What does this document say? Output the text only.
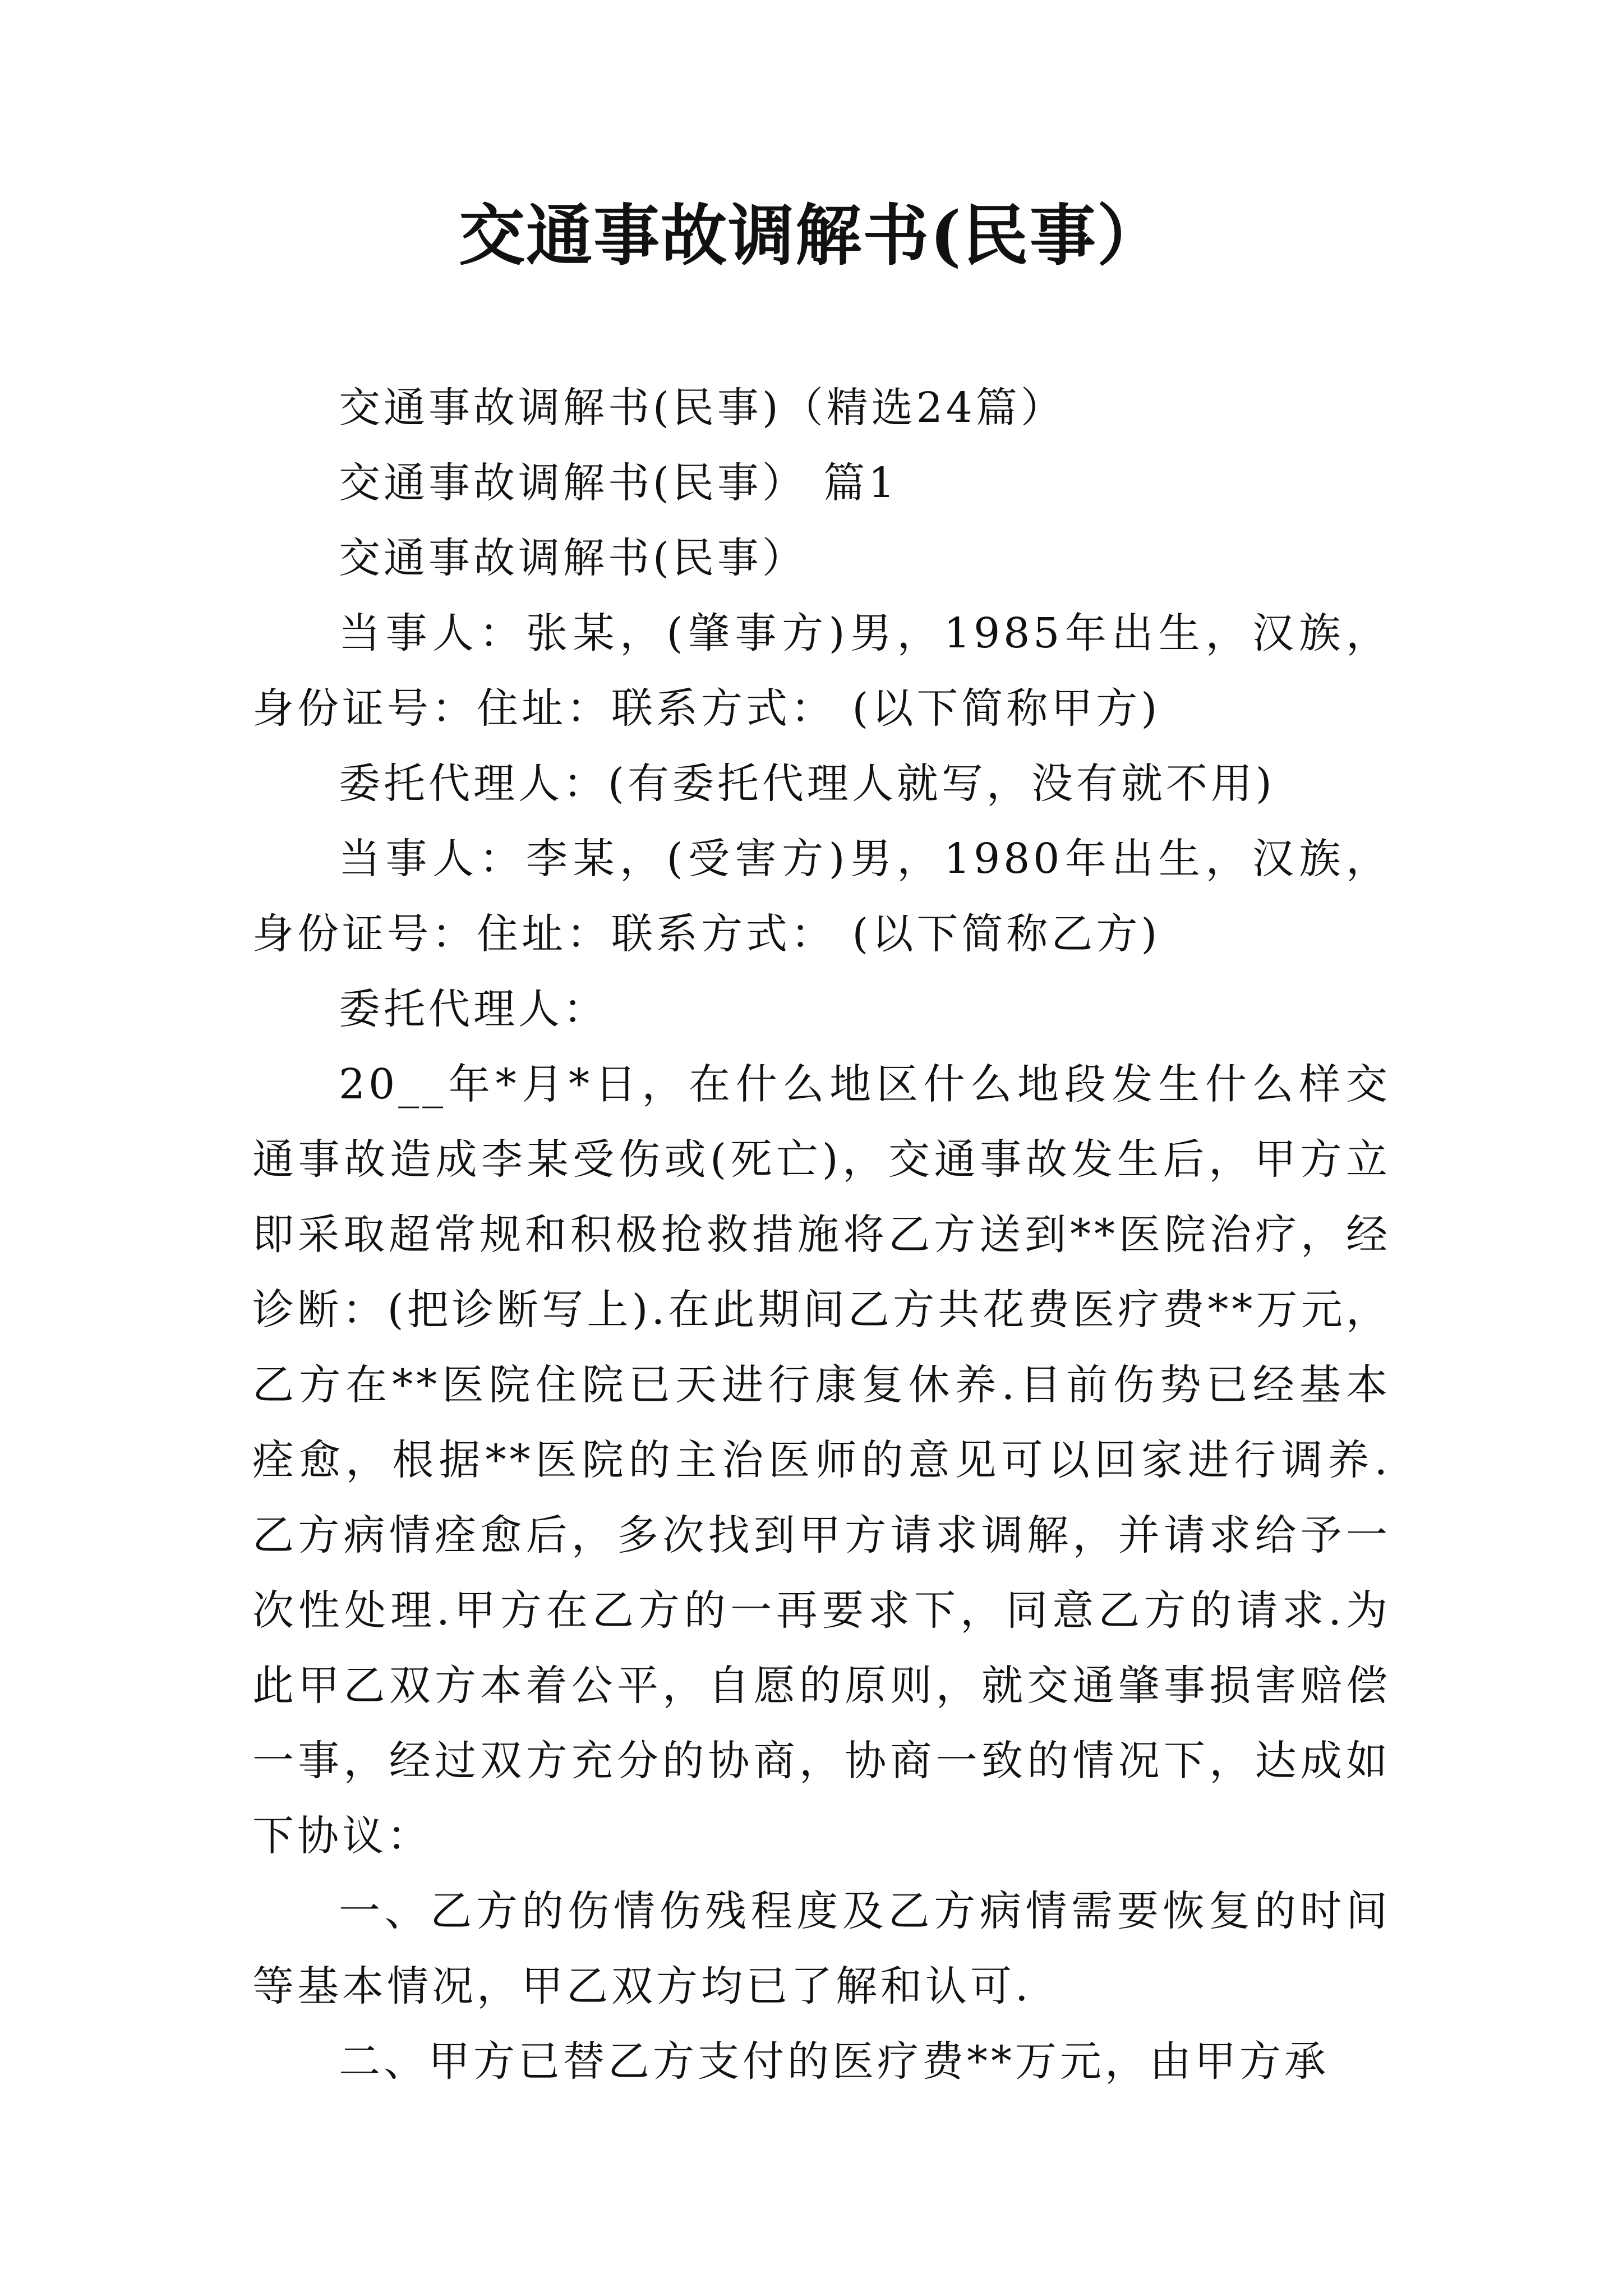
交通事故调解书(民事）

交通事故调解书(民事)（精选24篇）

交通事故调解书(民事） 篇1

交通事故调解书(民事）

当事人：张某，(肇事方)男，1985年出生，汉族，身份证号：住址：联系方式： (以下简称甲方)

委托代理人：(有委托代理人就写，没有就不用)

当事人：李某，(受害方)男，1980年出生，汉族，身份证号：住址：联系方式： (以下简称乙方)

委托代理人：

20__年*月*日，在什么地区什么地段发生什么样交通事故造成李某受伤或(死亡)，交通事故发生后，甲方立即采取超常规和积极抢救措施将乙方送到**医院治疗，经诊断：(把诊断写上).在此期间乙方共花费医疗费**万元，乙方在**医院住院已天进行康复休养.目前伤势已经基本痊愈，根据**医院的主治医师的意见可以回家进行调养.乙方病情痊愈后，多次找到甲方请求调解，并请求给予一次性处理.甲方在乙方的一再要求下，同意乙方的请求.为此甲乙双方本着公平，自愿的原则，就交通肇事损害赔偿一事，经过双方充分的协商，协商一致的情况下，达成如下协议：

一、乙方的伤情伤残程度及乙方病情需要恢复的时间等基本情况，甲乙双方均已了解和认可.

二、甲方已替乙方支付的医疗费**万元，由甲方承
